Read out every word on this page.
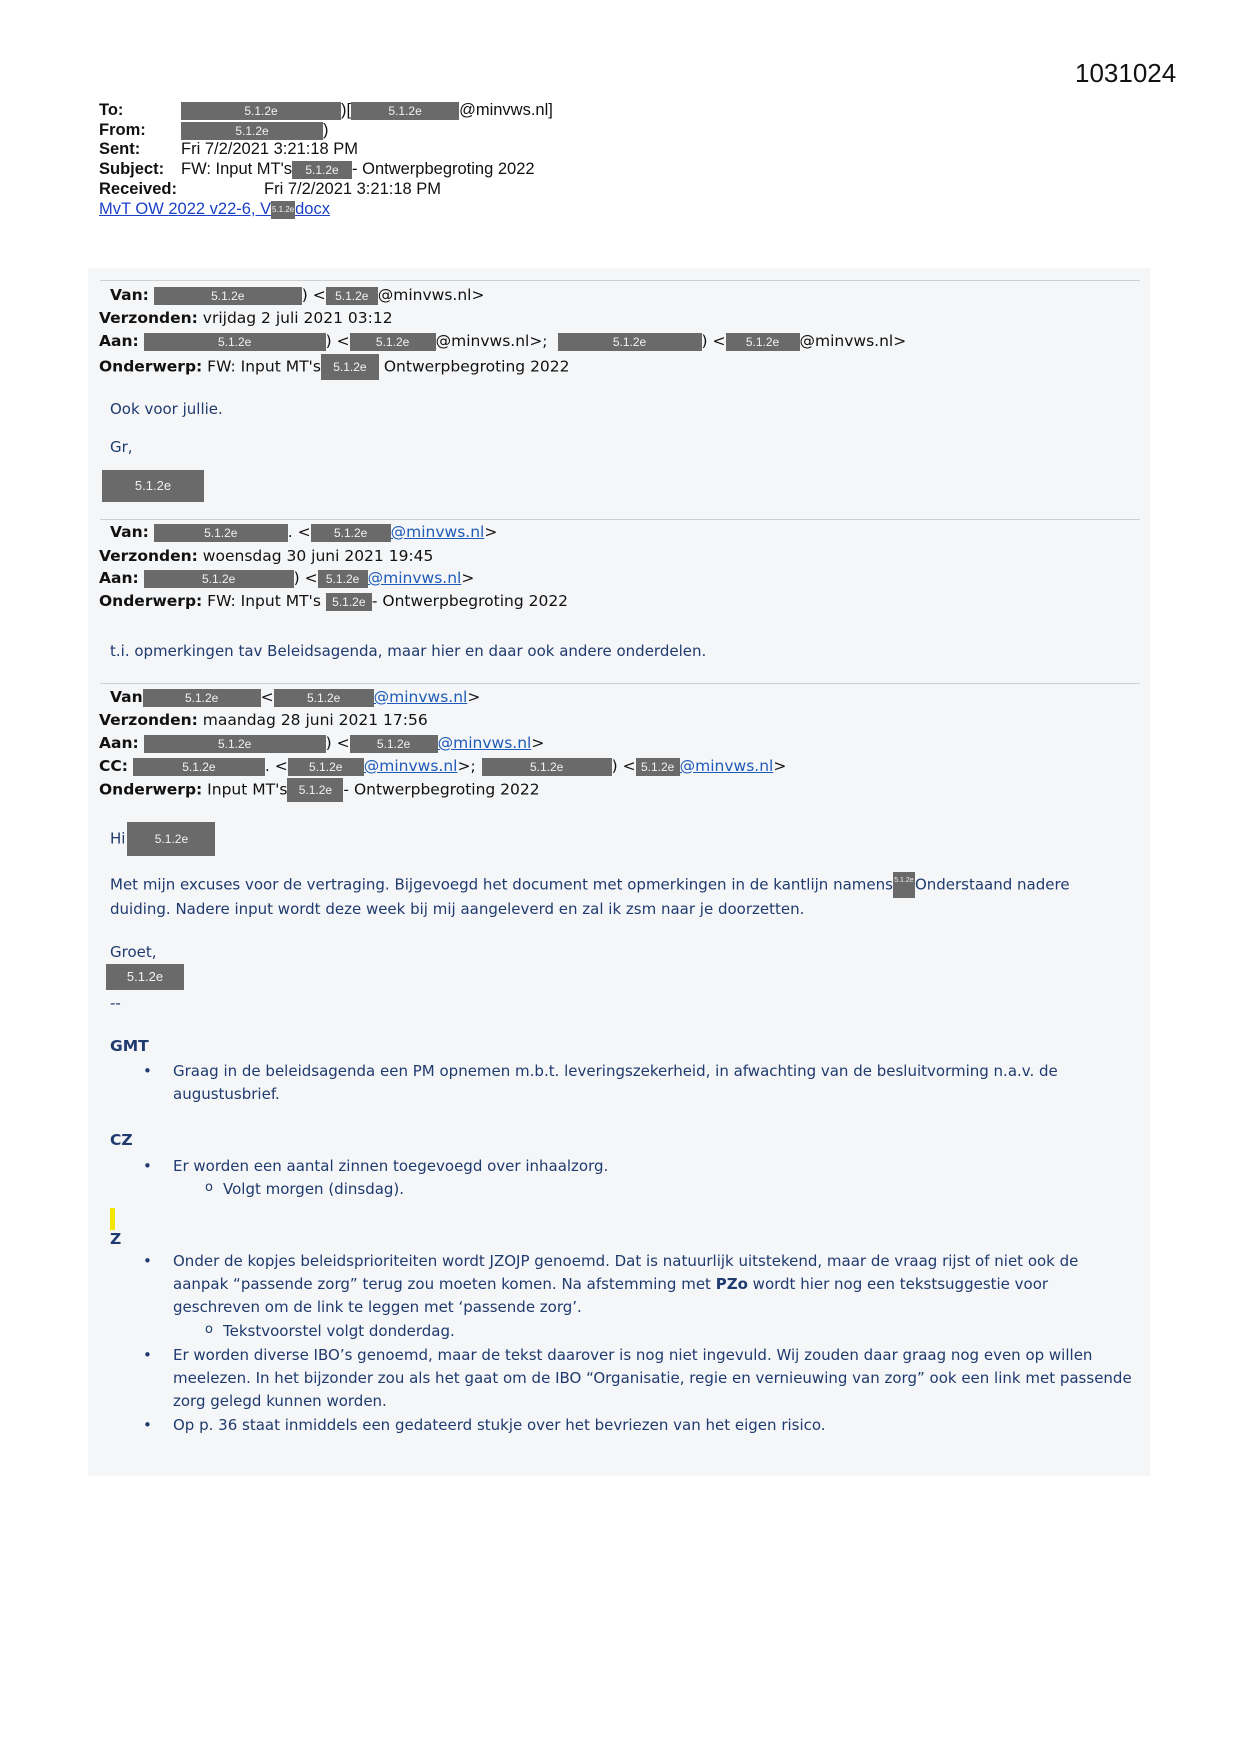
1031024
To:	5.1.2e	)[	5.1.2e @minvws.nl]
From:	5.1.2e	)
Sent: Fri 7/2/2021 3:21:18 PM
Subject: FW: Input MT's 5.1.2e - Ontwerpbegroting 2022
Received:	Fri 7/2/2021 3:21:18 PM
MvT OW 2022 v22-6, V5.1.2edocx
Van:	5.1.2e	) < 5.1.2e @minvws.nl>
Verzonden: vrijdag 2 juli 2021 03:12
Aan:	5.1.2e	) < 5.1.2e @minvws.nl>;	5.1.2e	) < 5.1.2e @minvws.nl>
Onderwerp: FW: Input MT's 5.1.2e Ontwerpbegroting 2022
Ook voor jullie.
Gr,
5.1.2e
Van:	5.1.2e	. < 5.1.2e @minvws.nl>
Verzonden: woensdag 30 juni 2021 19:45
Aan:	5.1.2e	) < 5.1.2e @minvws.nl>
Onderwerp: FW: Input MT's 5.1.2e - Ontwerpbegroting 2022
t.i. opmerkingen tav Beleidsagenda, maar hier en daar ook andere onderdelen.
Van	5.1.2e	<	5.1.2e @minvws.nl>
Verzonden: maandag 28 juni 2021 17:56
Aan:	5.1.2e	) < 5.1.2e @minvws.nl>
CC:	5.1.2e	. < 5.1.2e @minvws.nl>;	5.1.2e	) < 5.1.2e @minvws.nl>
Onderwerp: Input MT's 5.1.2e - Ontwerpbegroting 2022
Hi 5.1.2e
Met mijn excuses voor de vertraging. Bijgevoegd het document met opmerkingen in de kantlijn namens5.1.2eOnderstaand nadere
duiding. Nadere input wordt deze week bij mij aangeleverd en zal ik zsm naar je doorzetten.
Groet,
5.1.2e
--
GMT
• Graag in de beleidsagenda een PM opnemen m.b.t. leveringszekerheid, in afwachting van de besluitvorming n.a.v. de augustusbrief.
CZ
• Er worden een aantal zinnen toegevoegd over inhaalzorg.
o Volgt morgen (dinsdag).
Z
• Onder de kopjes beleidsprioriteiten wordt JZOJP genoemd. Dat is natuurlijk uitstekend, maar de vraag rijst of niet ook de aanpak “passende zorg” terug zou moeten komen. Na afstemming met PZo wordt hier nog een tekstsuggestie voor geschreven om de link te leggen met ‘passende zorg’.
o Tekstvoorstel volgt donderdag.
• Er worden diverse IBO’s genoemd, maar de tekst daarover is nog niet ingevuld. Wij zouden daar graag nog even op willen meelezen. In het bijzonder zou als het gaat om de IBO “Organisatie, regie en vernieuwing van zorg” ook een link met passende zorg gelegd kunnen worden.
• Op p. 36 staat inmiddels een gedateerd stukje over het bevriezen van het eigen risico.
